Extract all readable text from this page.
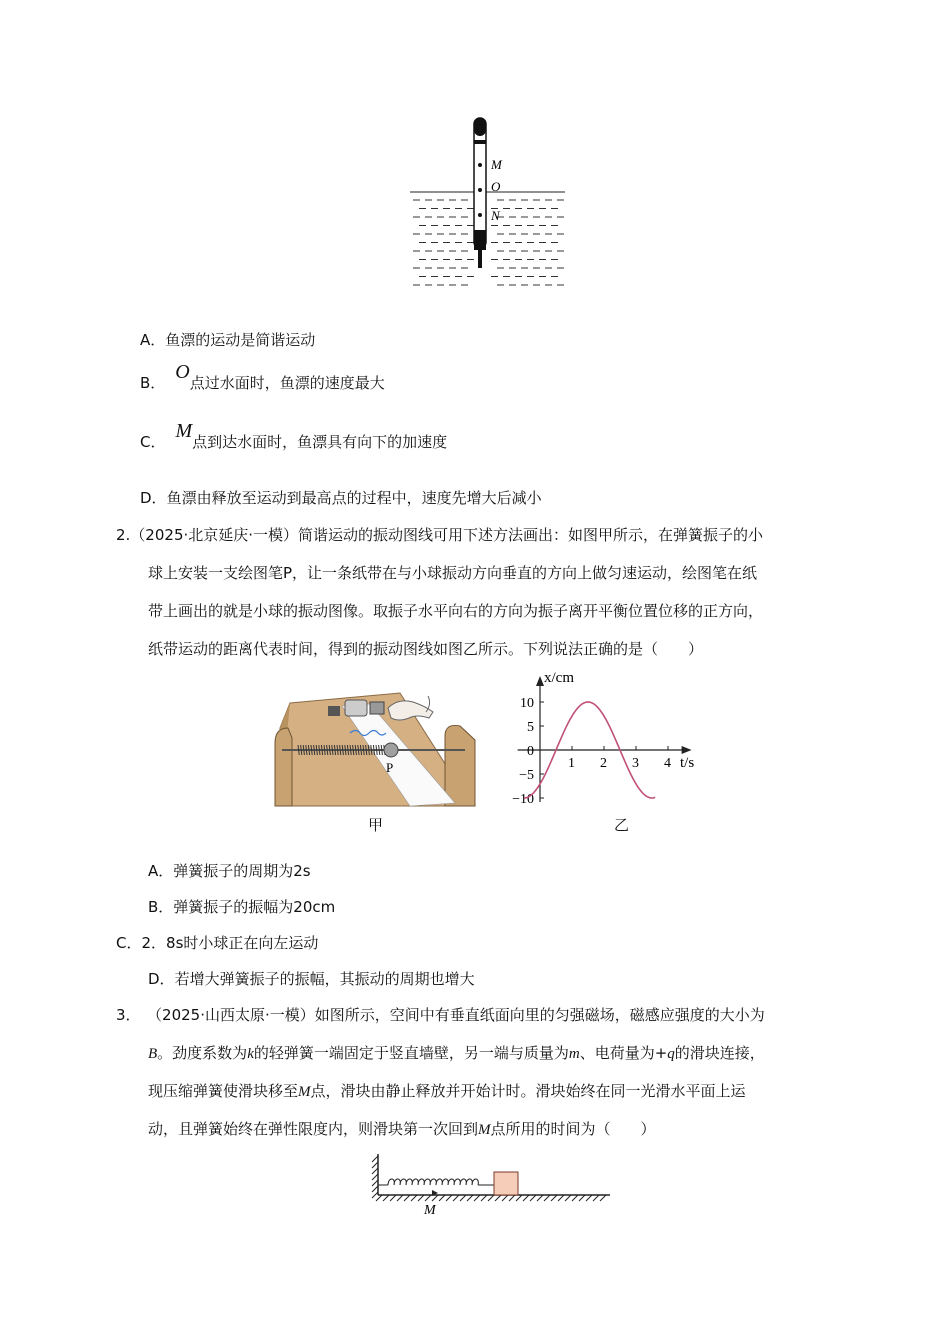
M
O
N
A．鱼漂的运动是简谐运动
B． O点过水面时，鱼漂的速度最大
C． M点到达水面时，鱼漂具有向下的加速度
D．鱼漂由释放至运动到最高点的过程中，速度先增大后减小
2.（2025·北京延庆·一模）简谐运动的振动图线可用下述方法画出：如图甲所示，在弹簧振子的小
球上安装一支绘图笔P，让一条纸带在与小球振动方向垂直的方向上做匀速运动，绘图笔在纸
带上画出的就是小球的振动图像。取振子水平向右的方向为振子离开平衡位置位移的正方向，
纸带运动的距离代表时间，得到的振动图线如图乙所示。下列说法正确的是（　　）
P
甲
1 2 3 4
10
5
0
−5
−10
x/cm
t/s
乙
A．弹簧振子的周期为2s
B．弹簧振子的振幅为20cm
C．2．8s时小球正在向左运动
D．若增大弹簧振子的振幅，其振动的周期也增大
3． （2025·山西太原·一模）如图所示，空间中有垂直纸面向里的匀强磁场，磁感应强度的大小为
B。劲度系数为k的轻弹簧一端固定于竖直墙壁，另一端与质量为m、电荷量为+q的滑块连接，
现压缩弹簧使滑块移至M点，滑块由静止释放并开始计时。滑块始终在同一光滑水平面上运
动，且弹簧始终在弹性限度内，则滑块第一次回到M点所用的时间为（　　）
M
